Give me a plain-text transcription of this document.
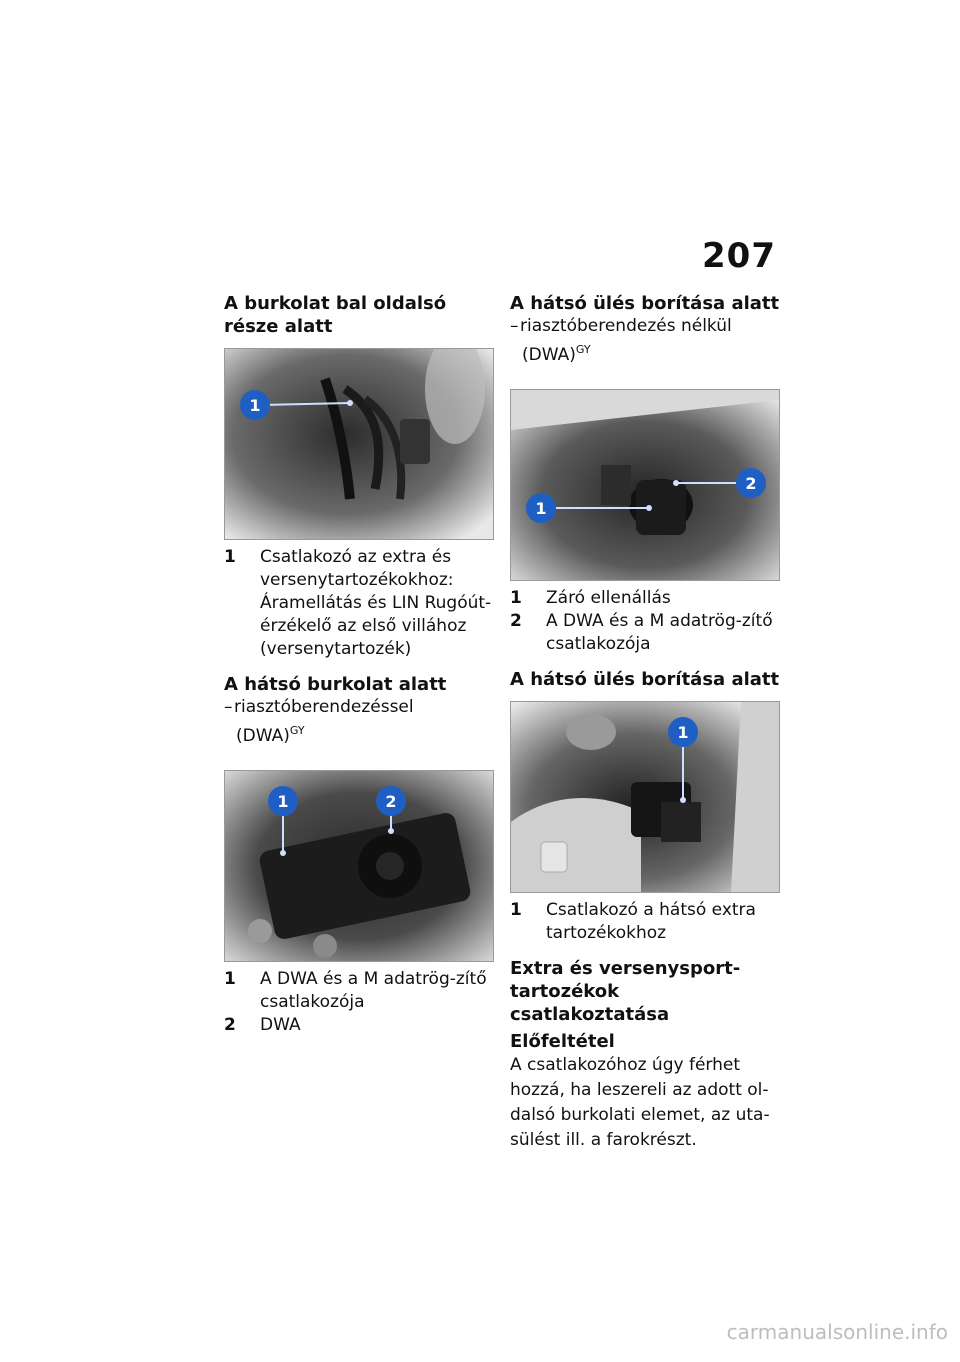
207
A burkolat bal oldalsó része alatt
1
1	Csatlakozó az extra és versenytartozékokhoz: Áramellátás és LIN Rugóút-érzékelő az első villához (versenytartozék)
A hátsó burkolat alatt

–riasztóberendezéssel
(DWA)$^{GY}$

1	2
1	A DWA és a M adatrög-zítő csatlakozója
2	DWA
A hátsó ülés borítása alatt

–riasztóberendezés nélkül
(DWA)$^{GY}$

1
2
1	Záró ellenállás
2	A DWA és a M adatrög-zítő csatlakozója
A hátsó ülés borítása alatt
1
1	Csatlakozó a hátsó extra tartozékokhoz
Extra és versenysport-tartozékok csatlakoztatása
Előfeltétel

A csatlakozóhoz úgy férhet hozzá, ha leszereli az adott ol-dalsó burkolati elemet, az uta-sülést ill. a farokrészt.

carmanualsonline.info
